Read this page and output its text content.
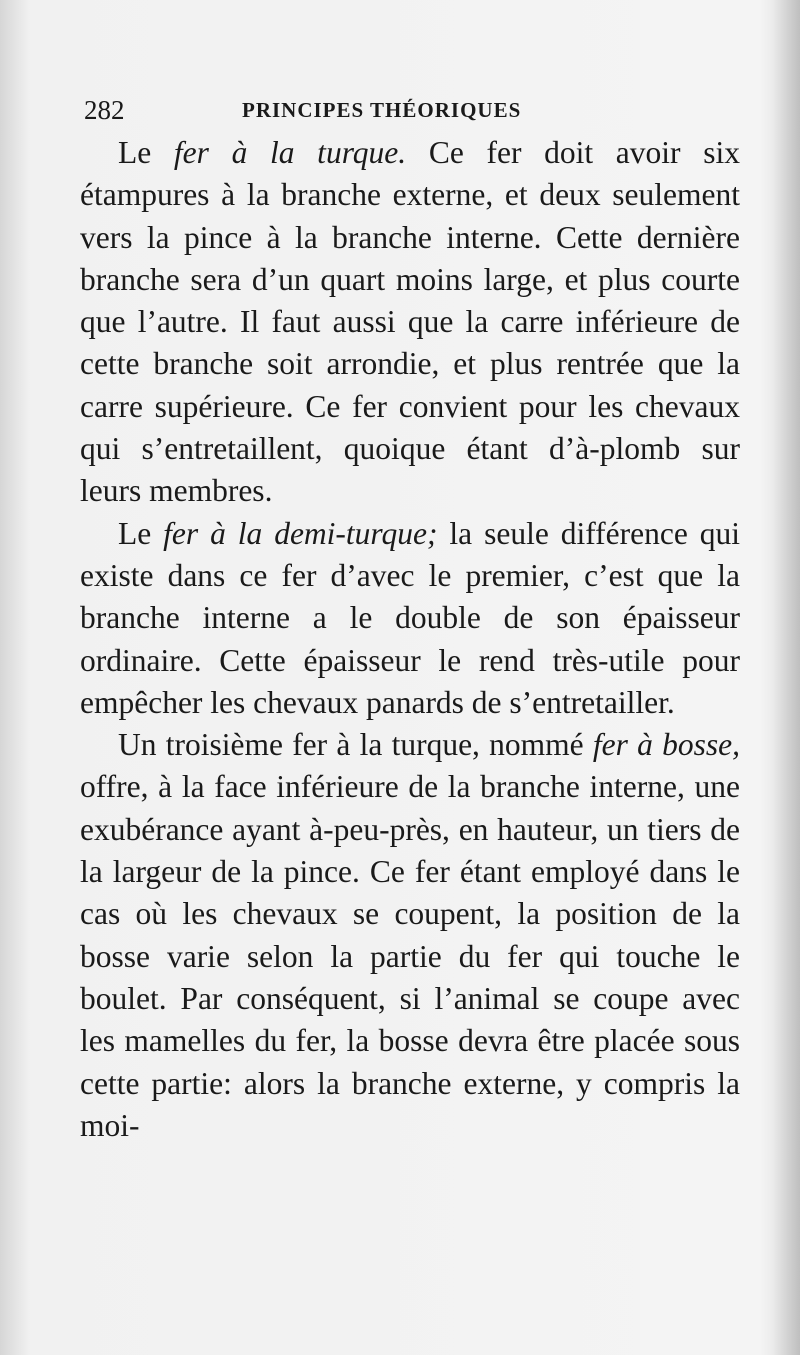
282	PRINCIPES THÉORIQUES

Le fer à la turque. Ce fer doit avoir six étampures à la branche externe, et deux seulement vers la pince à la branche interne. Cette dernière branche sera d’un quart moins large, et plus courte que l’autre. Il faut aussi que la carre inférieure de cette branche soit arrondie, et plus rentrée que la carre supérieure. Ce fer convient pour les chevaux qui s’entretaillent, quoique étant d’à-plomb sur leurs membres.

Le fer à la demi-turque; la seule différence qui existe dans ce fer d’avec le premier, c’est que la branche interne a le double de son épaisseur ordinaire. Cette épaisseur le rend très-utile pour empêcher les chevaux panards de s’entretailler.

Un troisième fer à la turque, nommé fer à bosse, offre, à la face inférieure de la branche interne, une exubérance ayant à-peu-près, en hauteur, un tiers de la largeur de la pince. Ce fer étant employé dans le cas où les chevaux se coupent, la position de la bosse varie selon la partie du fer qui touche le boulet. Par conséquent, si l’animal se coupe avec les mamelles du fer, la bosse devra être placée sous cette partie: alors la branche externe, y compris la moi-
